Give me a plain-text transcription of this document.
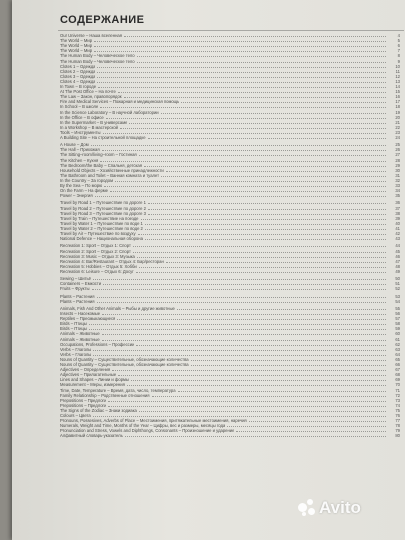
СОДЕРЖАНИЕ
Our Universe – Наша вселенная	4
The World – Мир	5
The World – Мир	6
The World – Мир	7
The Human Body – Человеческое тело	8
The Human Body – Человеческое тело	9
Clotes 1 – Одежда	10
Clotes 2 – Одежда	11
Clotes 3 – Одежда	12
Clotes 4 – Одежда	13
In Town – В городе	14
At The Post Office – На почте	15
The Law – Закон, правопорядок	16
Fire and Medical Services – Пожарная и медицинская помощь	17
In School – В школе	18
In the Science Laboratory – В научной лаборатории	19
In the Office – В офисе	20
In the Supermarket – В универсаме	21
In a Workshop – В мастерской	22
Tools – Инструменты	23
A Building Site – На строительной площадке	24
A House – Дом	25
The Hall – Прихожая	26
The Sitting–room/living–room – Гостиная	27
The Kitchen – Кухня	28
The Bedroom/the Baby – Спальня, детская	29
Household Objects – Хозяйственные принадлежности	30
The Bathroom and Toilet – Ванная комната и туалет	31
In the Country – За городом	32
By the Sea – По морю	33
On the Farm – На ферме	34
Power – Энергия	35
Travel by Road 1 – Путешествие по дороге 1	36
Travel by Road 2 – Путешествие по дороге 2	37
Travel by Road 3 – Путешествие по дороге 3	38
Travel by Train – Путешествие на поезде	39
Travel by Water 1 – Путешествие по воде 1	40
Travel by Water 2 – Путешествие по воде 2	41
Travel by Air – Путешествие по воздуху	42
National Defence – Национальная оборона	43
Recreation 1: Sport – Отдых 1: Спорт	44
Recreation 2: Sport – Отдых 2: Спорт	45
Recreation 3: Music – Отдых 3: Музыка	46
Recreation 4: Bar/Restaurant – Отдых 4: Бар/ресторан	47
Recreation 5: Hobbies – Отдых 5: Хобби	48
Recreation 6: Leisure – Отдых 6: Досуг	49
Sewing – Шитьё	50
Containers – Емкости	51
Fruits – Фрукты	52
Plants – Растения	53
Plants – Растения	54
Animals, Fish And Other Animals – Рыбы и другие животные	55
Insects – Насекомые	56
Reptiles – Пресмыкающиеся	57
Birds – Птицы	58
Birds – Птицы	59
Animals – Животные	60
Animals – Животные	61
Occupations, Professions – Профессии	62
Verbs – Глаголы	63
Verbs – Глаголы	64
Nouns of Quantity – Существительные, обозначающие количества	65
Nouns of Quantity – Существительные, обозначающие количества	66
Adjectives – Определения	67
Adjectives – Прилагательные	68
Lines and Shapes – Линии и формы	69
Measurement – Меры, измерения	70
Time, Date, Temperature – Время, дата, число, температура	71
Family Relationship – Родственные отношения	72
Prepositions – Предлоги	73
Prepositions – Предлоги	74
The Signs of the Zodiac – Знаки зодиака	75
Colours – Цвета	76
Pronouns, Possesives, Adverbs of Place – Местоимения, притяжательные местоимения, наречия	77
Numerals, Weight and Time, Months of the Year – Цифры, вес и размеры, месяцы года	78
Pronunciation and Stress, Vowels and Diphthongs, Consonants – Произношение и ударение	79
Алфавитный словарь-указатель	80
Avito
